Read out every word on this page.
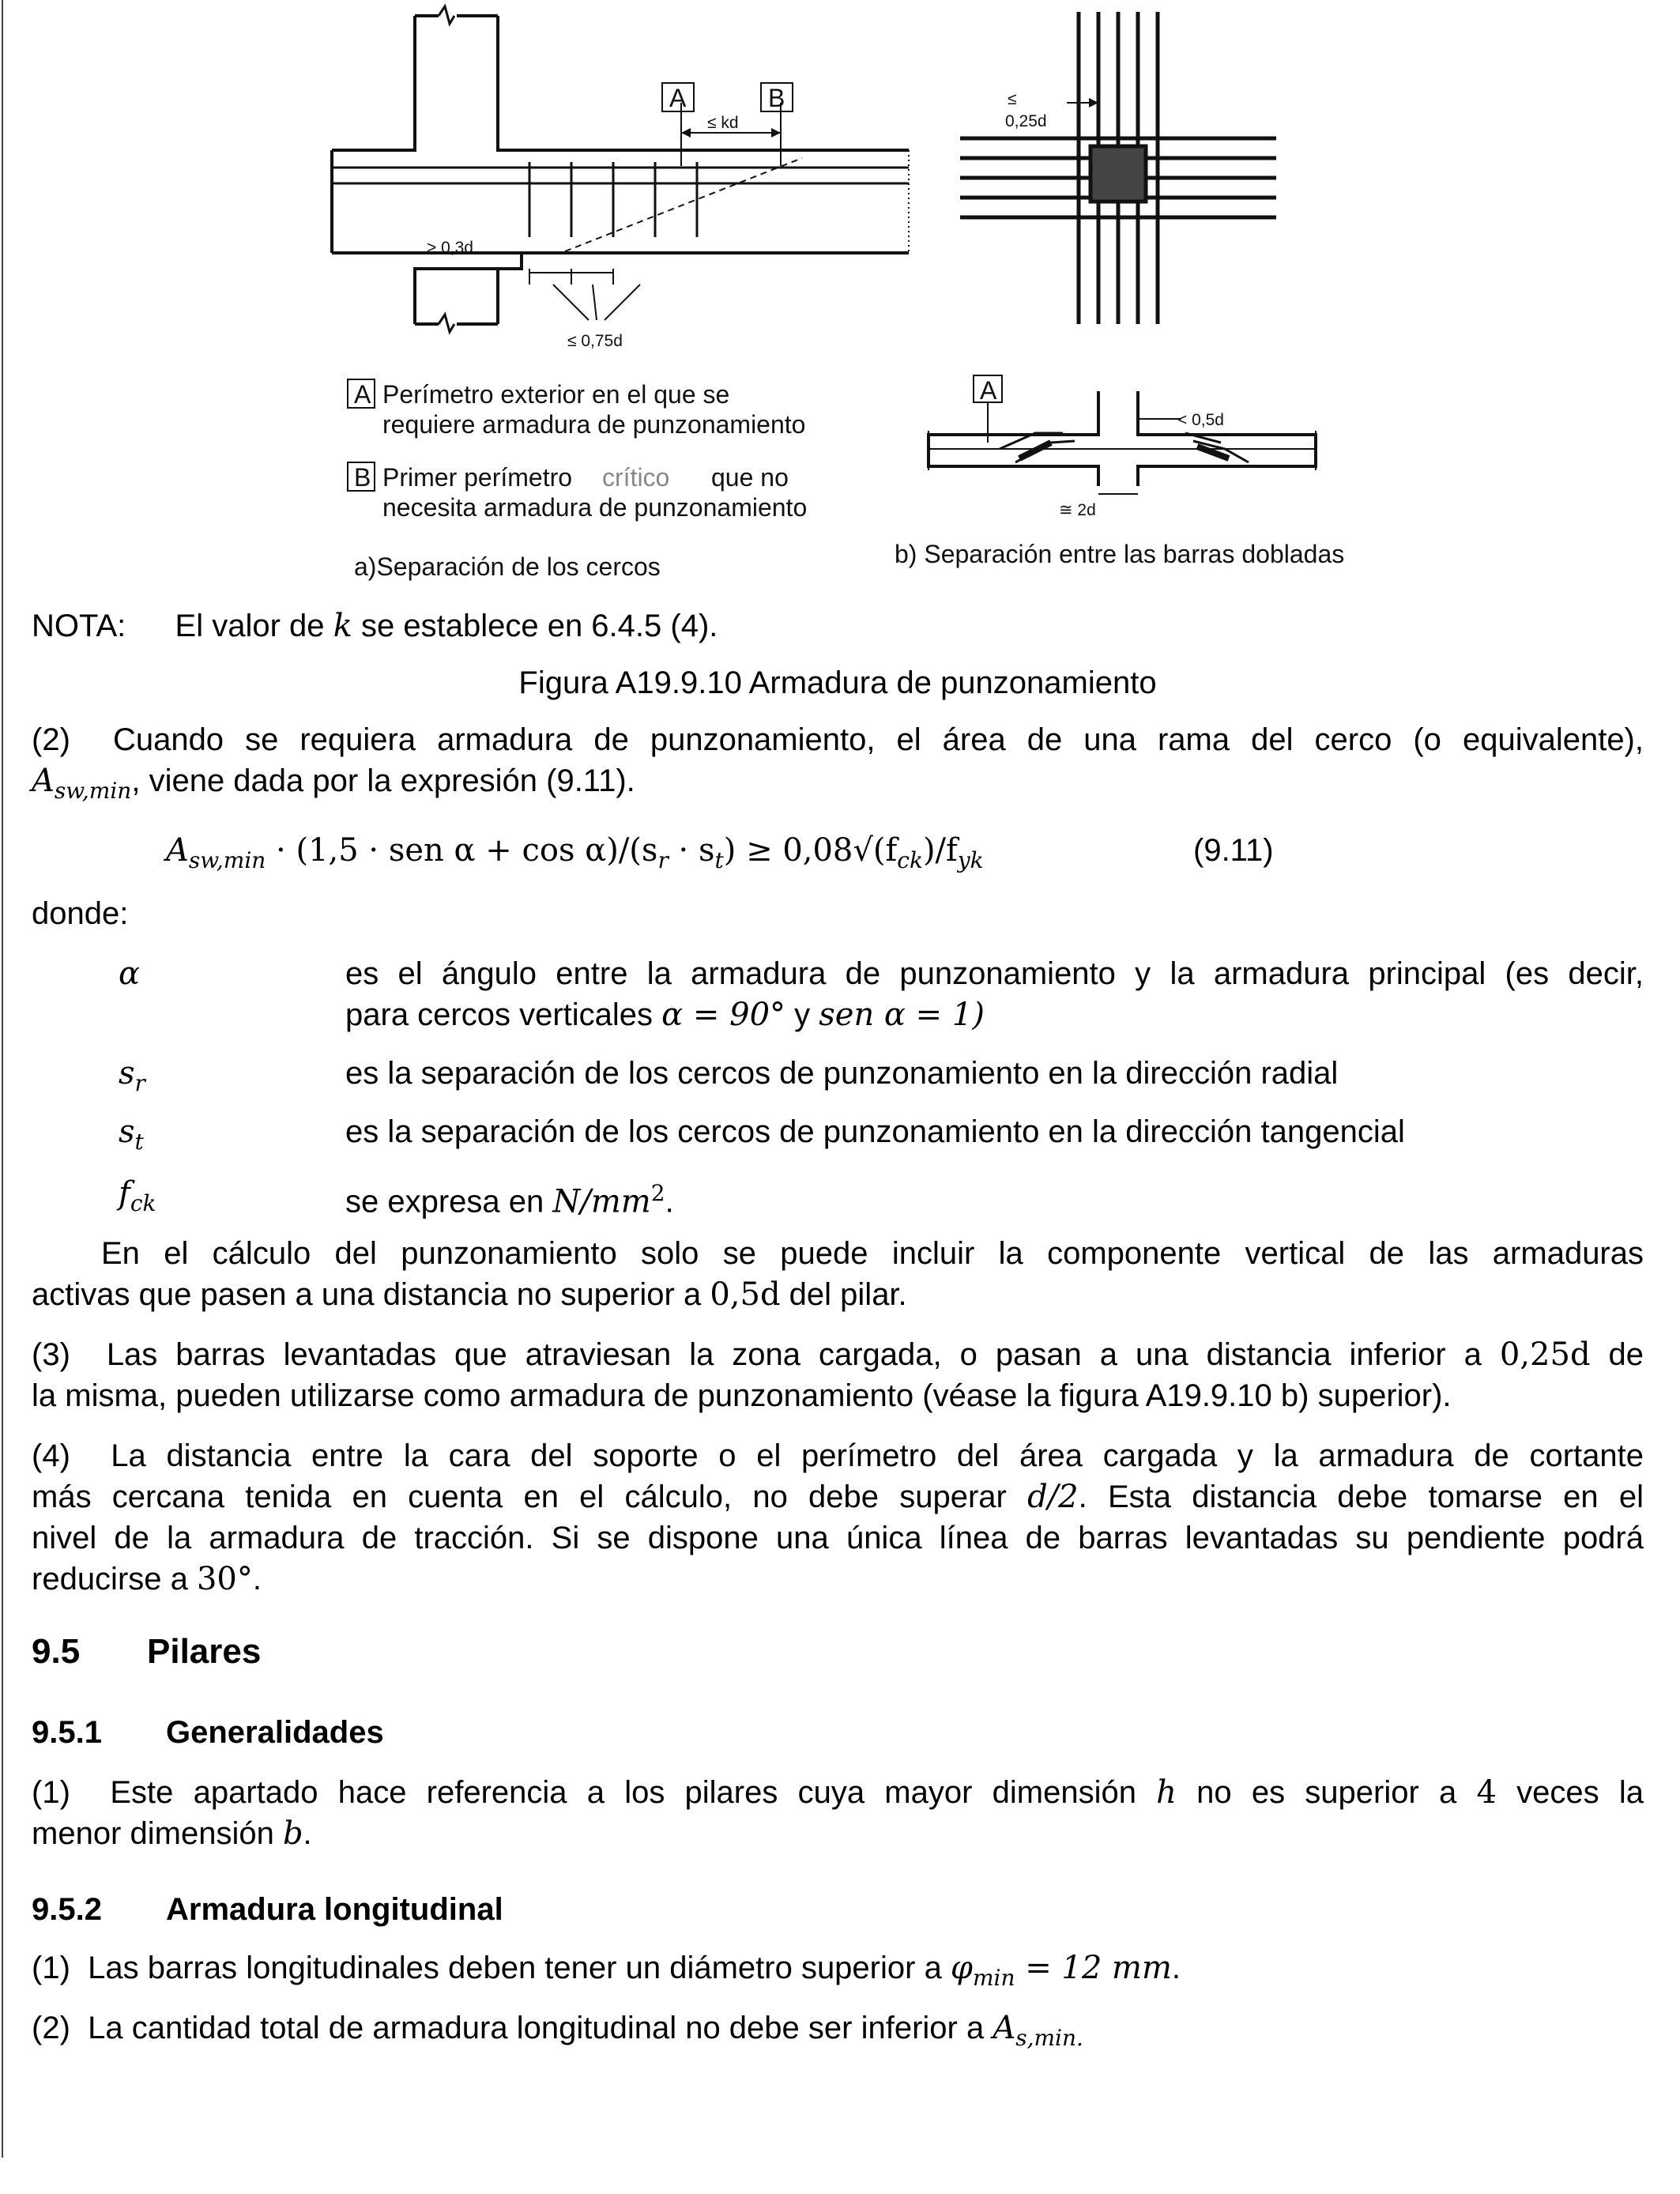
> 0,3d
≤ kd
≤ 0,75d
A	B
A Perímetro exterior en el que se
requiere armadura de punzonamiento
B Primer perímetro crítico que no
necesita armadura de punzonamiento
a)Separación de los cercos
≤
0,25d
A
< 0,5d
≅ 2d
b) Separación entre las barras dobladas
NOTA: El valor de k se establece en 6.4.5 (4).
Figura A19.9.10 Armadura de punzonamiento
(2) Cuando se requiera armadura de punzonamiento, el área de una rama del cerco (o equivalente),
$A_{sw,min}$, viene dada por la expresión (9.11).
$A_{sw,min} \cdot (1,5$ · sen $\alpha + \cos \alpha)/(s_r \cdot s_t) \ge 0,08√(f_{ck})/f_{yk}$	(9.11)
donde:
α	es el ángulo entre la armadura de punzonamiento y la armadura principal (es decir,
para cercos verticales α = 90° y sen α = 1)
$s_r$	es la separación de los cercos de punzonamiento en la dirección radial
$s_t$	es la separación de los cercos de punzonamiento en la dirección tangencial
$f_{ck}$	se expresa en $N/mm^2$.
En el cálculo del punzonamiento solo se puede incluir la componente vertical de las armaduras
activas que pasen a una distancia no superior a 0,5d del pilar.
(3) Las barras levantadas que atraviesan la zona cargada, o pasan a una distancia inferior a 0,25d de
la misma, pueden utilizarse como armadura de punzonamiento (véase la figura A19.9.10 b) superior).
(4) La distancia entre la cara del soporte o el perímetro del área cargada y la armadura de cortante
más cercana tenida en cuenta en el cálculo, no debe superar d/2. Esta distancia debe tomarse en el
nivel de la armadura de tracción. Si se dispone una única línea de barras levantadas su pendiente podrá
reducirse a 30°.
9.5 Pilares
9.5.1 Generalidades
(1) Este apartado hace referencia a los pilares cuya mayor dimensión h no es superior a 4 veces la
menor dimensión b.
9.5.2 Armadura longitudinal
(1) Las barras longitudinales deben tener un diámetro superior a $\varphi_{min} = 12$ mm.
(2) La cantidad total de armadura longitudinal no debe ser inferior a $A_{s,min.}$
